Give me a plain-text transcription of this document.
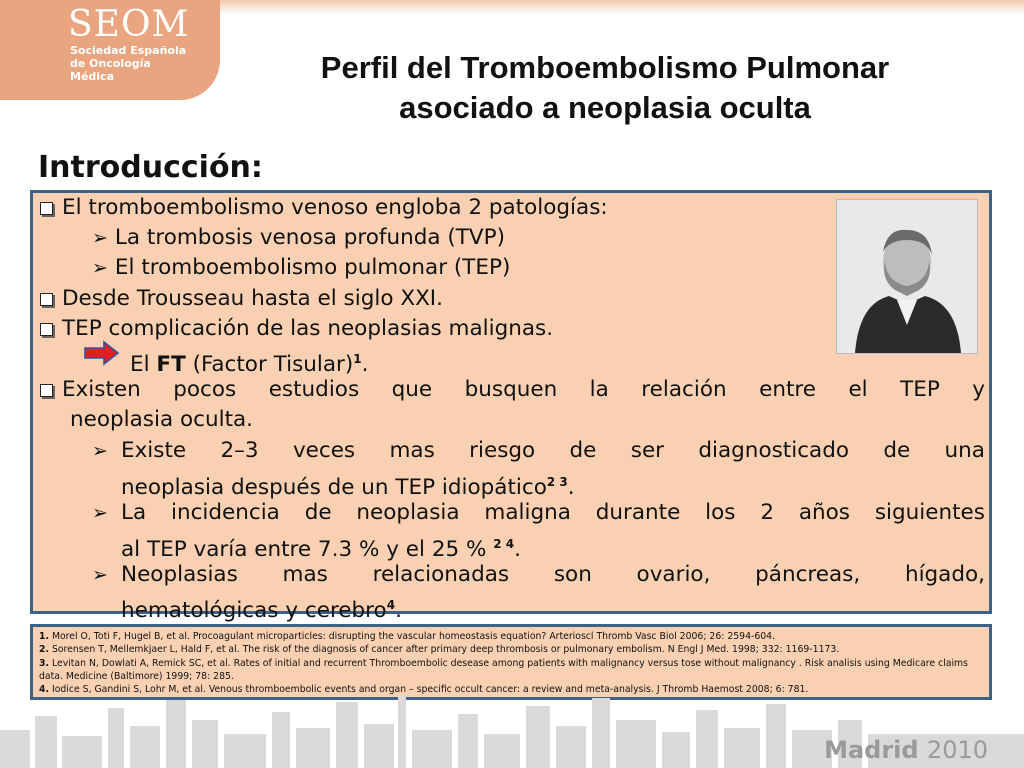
SEOM
Sociedad Española de Oncología Médica	Perfil del Tromboembolismo Pulmonar
asociado a neoplasia oculta
Introducción:
El tromboembolismo venoso engloba 2 patologías:
➢ La trombosis venosa profunda (TVP)
➢ El tromboembolismo pulmonar (TEP)
Desde Trousseau hasta el siglo XXI.
TEP complicación de las neoplasias malignas.
El FT (Factor Tisular)$^1$.
Existen pocos estudios que busquen la relación entre el TEP y
neoplasia oculta.
➢ Existe 2–3 veces mas riesgo de ser diagnosticado de una
neoplasia después de un TEP idiopático$^{2 3}$.
➢ La incidencia de neoplasia maligna durante los 2 años siguientes
al TEP varía entre 7.3 % y el 25 % $^{2 4}$.
➢ Neoplasias mas relacionadas son ovario, páncreas, hígado,
hematológicas y cerebro$^4$.
1. Morel O, Toti F, Hugel B, et al. Procoagulant microparticles: disrupting the vascular homeostasis equation? Arterioscl Thromb Vasc Biol 2006; 26: 2594-604.
2. Sorensen T, Mellemkjaer L, Hald F, et al. The risk of the diagnosis of cancer after primary deep thrombosis or pulmonary embolism. N Engl J Med. 1998; 332: 1169-1173.
3. Levitan N, Dowlati A, Remick SC, et al. Rates of initial and recurrent Thromboembolic desease among patients with malignancy versus tose without malignancy . Risk analisis using Medicare claims
data. Medicine (Baltimore) 1999; 78: 285.
4. Iodice S, Gandini S, Lohr M, et al. Venous thromboembolic events and organ – specific occult cancer: a review and meta-analysis. J Thromb Haemost 2008; 6: 781.
Madrid 2010
